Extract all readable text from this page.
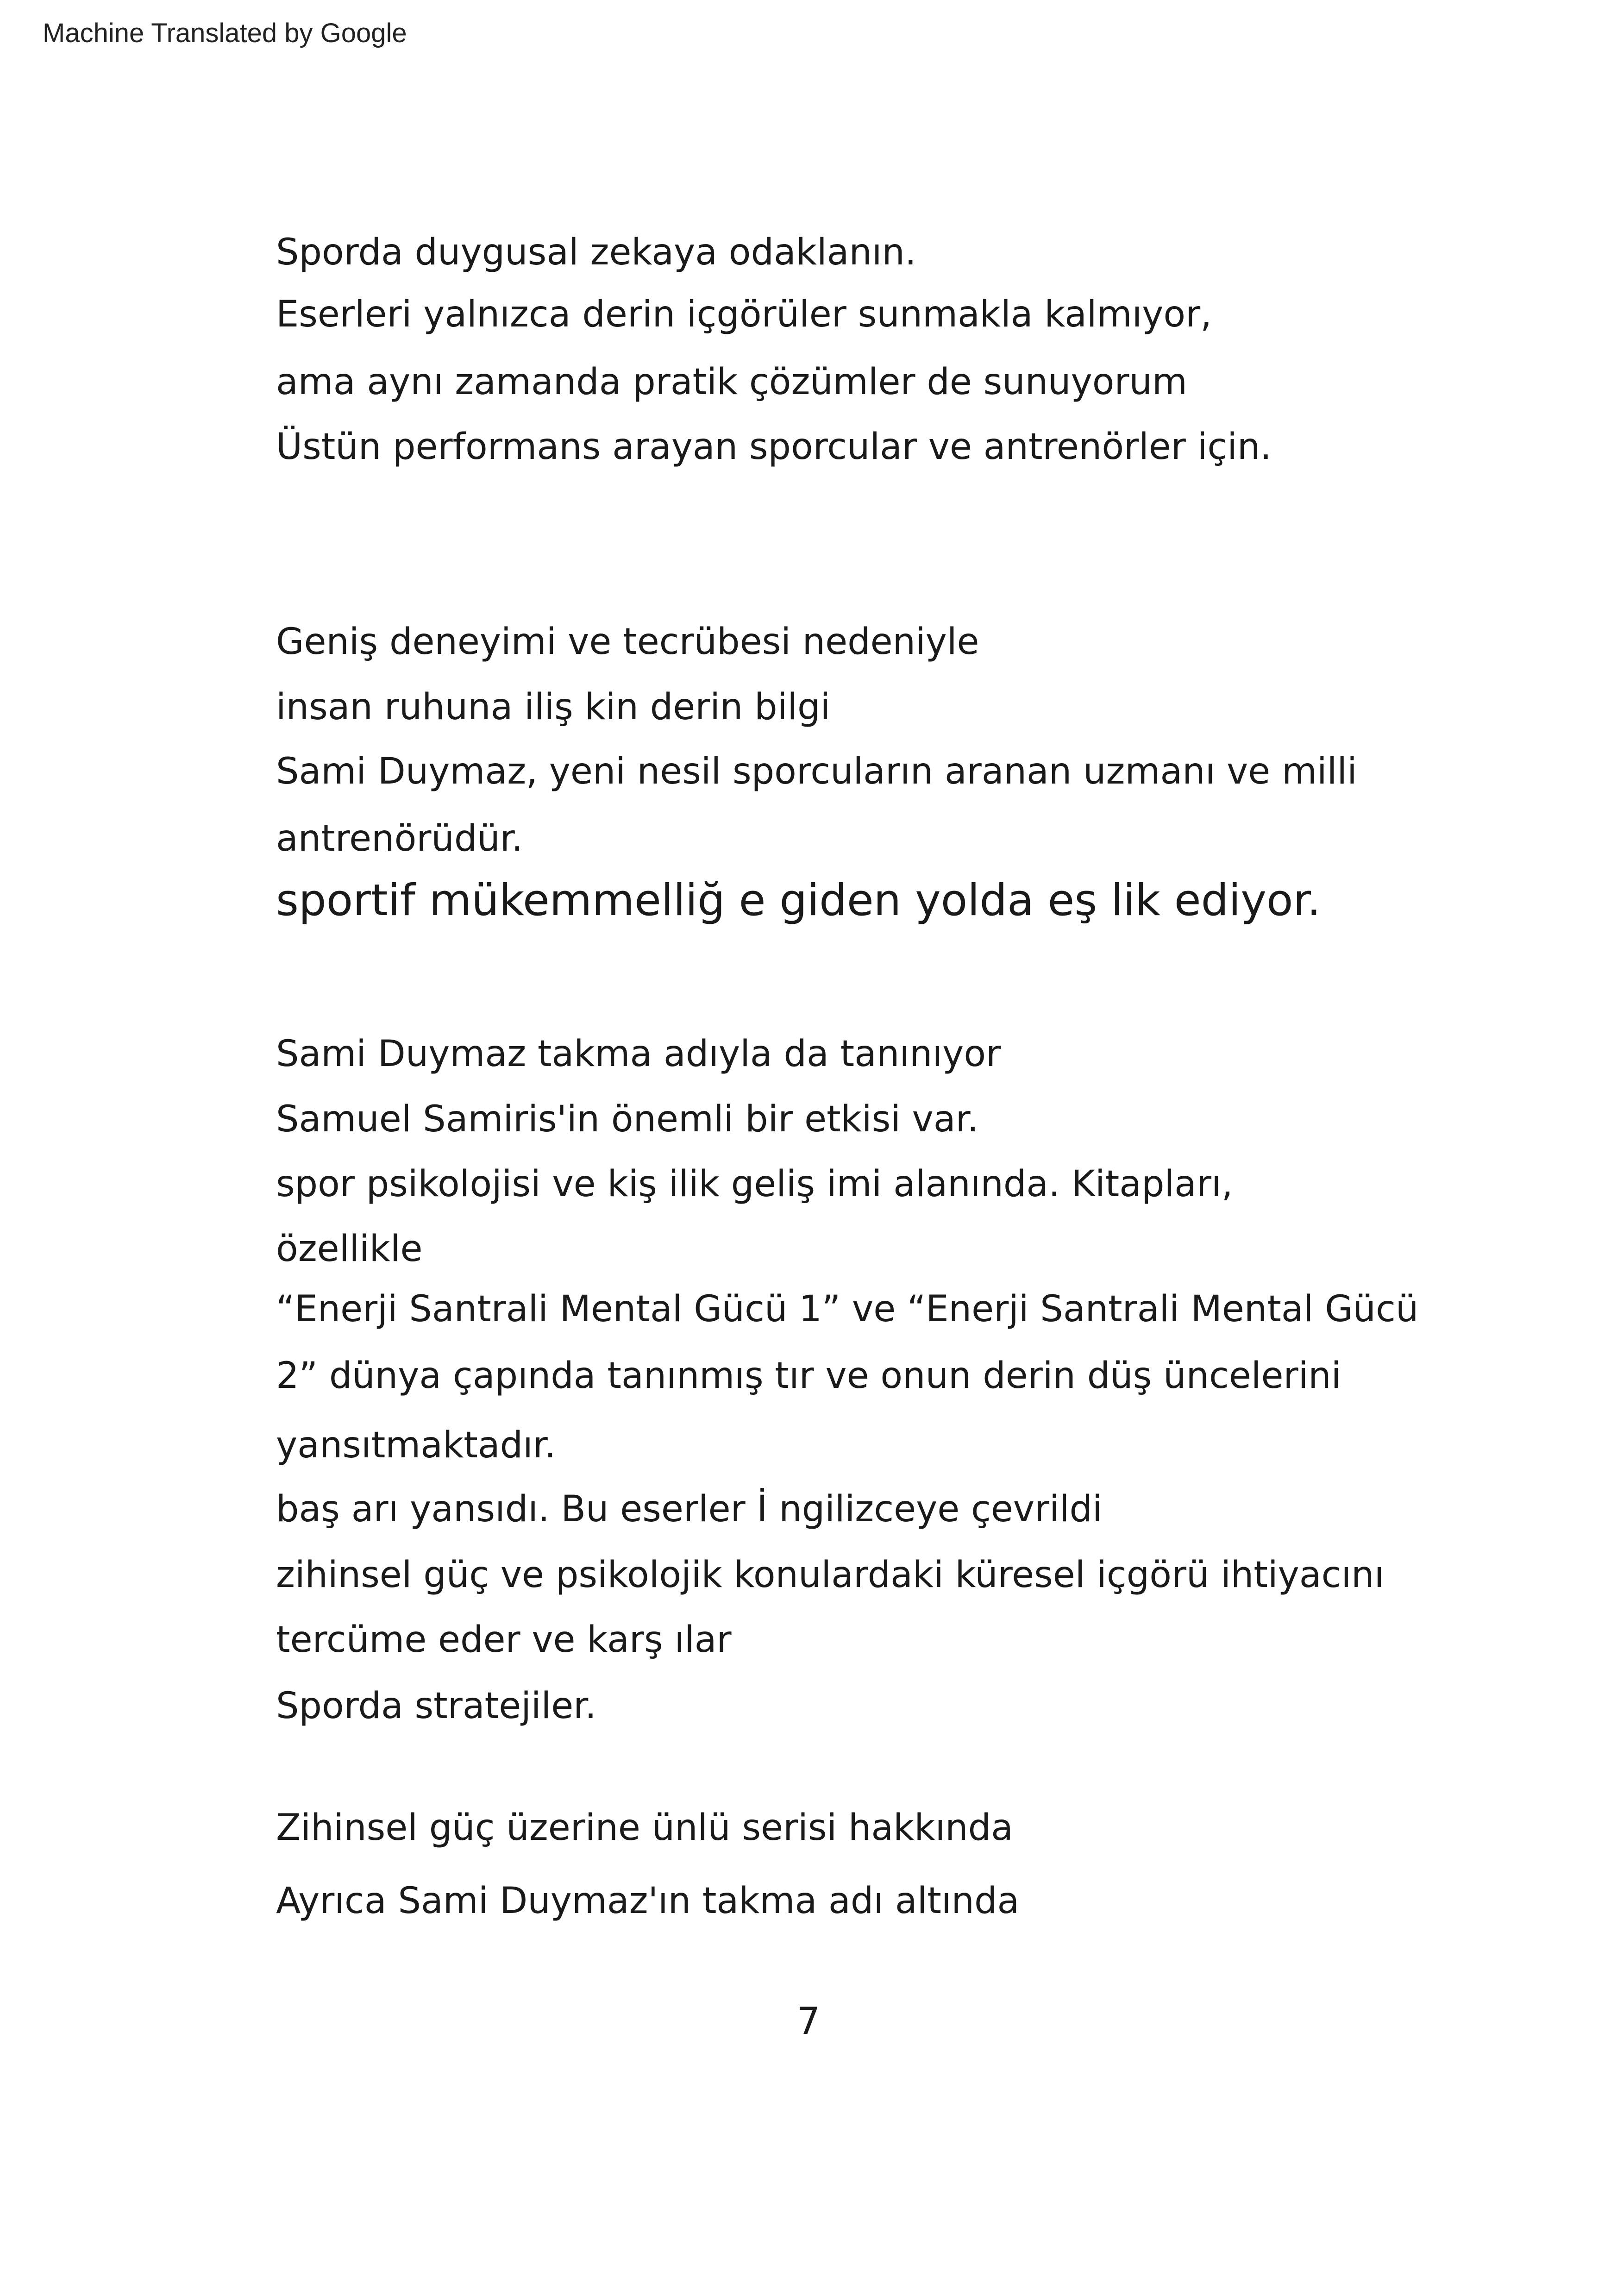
Machine Translated by Google
Sporda duygusal zekaya odaklanın.
Eserleri yalnızca derin içgörüler sunmakla kalmıyor,
ama aynı zamanda pratik çözümler de sunuyorum
Üstün performans arayan sporcular ve antrenörler için.
Geniş deneyimi ve tecrübesi nedeniyle
insan ruhuna iliş kin derin bilgi
Sami Duymaz, yeni nesil sporcuların aranan uzmanı ve milli
antrenörüdür.
sportif mükemmelliğ e giden yolda eş lik ediyor.
Sami Duymaz takma adıyla da tanınıyor
Samuel Samiris'in önemli bir etkisi var.
spor psikolojisi ve kiş ilik geliş imi alanında. Kitapları,
özellikle
“Enerji Santrali Mental Gücü 1” ve “Enerji Santrali Mental Gücü
2” dünya çapında tanınmış tır ve onun derin düş üncelerini
yansıtmaktadır.
baş arı yansıdı. Bu eserler İ ngilizceye çevrildi
zihinsel güç ve psikolojik konulardaki küresel içgörü ihtiyacını
tercüme eder ve karş ılar
Sporda stratejiler.
Zihinsel güç üzerine ünlü serisi hakkında
Ayrıca Sami Duymaz'ın takma adı altında
7
